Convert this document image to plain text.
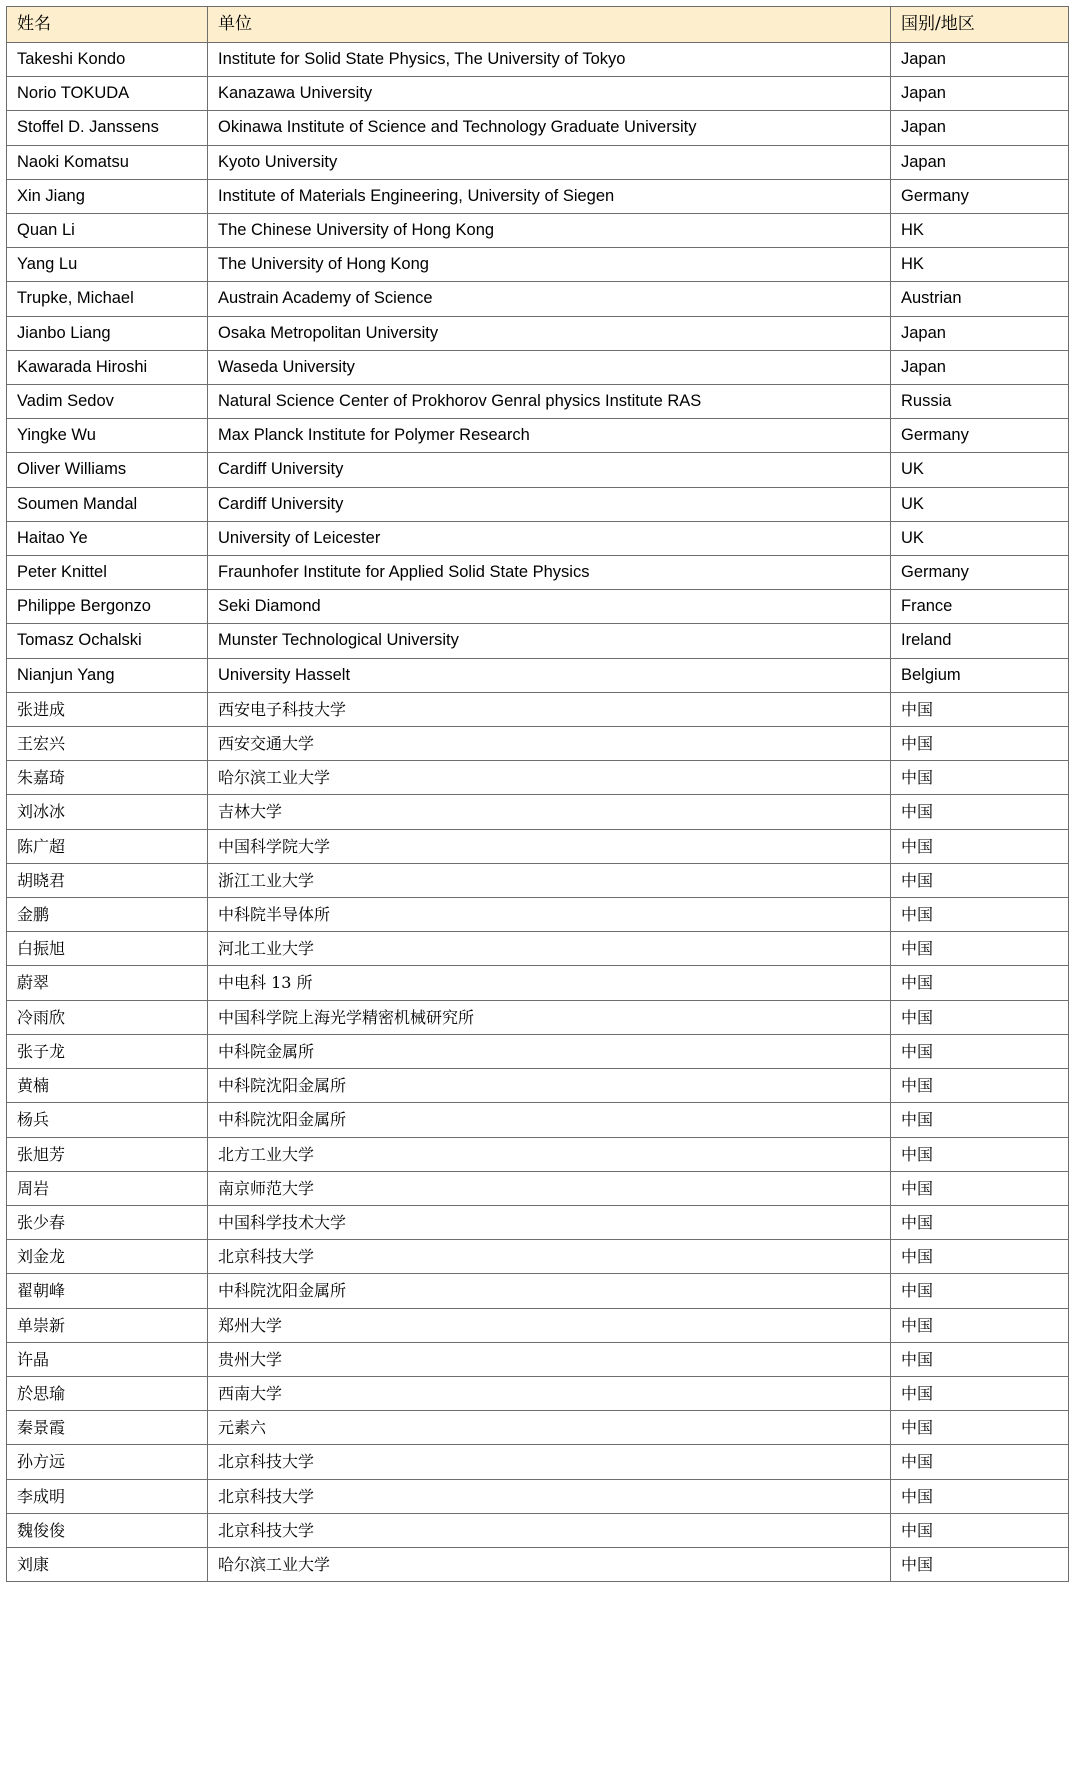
姓名	单位	国别/地区
Takeshi Kondo	Institute for Solid State Physics, The University of Tokyo	Japan
Norio TOKUDA	Kanazawa University	Japan
Stoffel D. Janssens	Okinawa Institute of Science and Technology Graduate University	Japan
Naoki Komatsu	Kyoto University	Japan
Xin Jiang	Institute of Materials Engineering, University of Siegen	Germany
Quan Li	The Chinese University of Hong Kong	HK
Yang Lu	The University of Hong Kong	HK
Trupke, Michael	Austrain Academy of Science	Austrian
Jianbo Liang	Osaka Metropolitan University	Japan
Kawarada Hiroshi	Waseda University	Japan
Vadim Sedov	Natural Science Center of Prokhorov Genral physics Institute RAS	Russia
Yingke Wu	Max Planck Institute for Polymer Research	Germany
Oliver Williams	Cardiff University	UK
Soumen Mandal	Cardiff University	UK
Haitao Ye	University of Leicester	UK
Peter Knittel	Fraunhofer Institute for Applied Solid State Physics	Germany
Philippe Bergonzo	Seki Diamond	France
Tomasz Ochalski	Munster Technological University	Ireland
Nianjun Yang	University Hasselt	Belgium
张进成	西安电子科技大学	中国
王宏兴	西安交通大学	中国
朱嘉琦	哈尔滨工业大学	中国
刘冰冰	吉林大学	中国
陈广超	中国科学院大学	中国
胡晓君	浙江工业大学	中国
金鹏	中科院半导体所	中国
白振旭	河北工业大学	中国
蔚翠	中电科 13 所	中国
冷雨欣	中国科学院上海光学精密机械研究所	中国
张子龙	中科院金属所	中国
黄楠	中科院沈阳金属所	中国
杨兵	中科院沈阳金属所	中国
张旭芳	北方工业大学	中国
周岩	南京师范大学	中国
张少春	中国科学技术大学	中国
刘金龙	北京科技大学	中国
翟朝峰	中科院沈阳金属所	中国
单崇新	郑州大学	中国
许晶	贵州大学	中国
於思瑜	西南大学	中国
秦景霞	元素六	中国
孙方远	北京科技大学	中国
李成明	北京科技大学	中国
魏俊俊	北京科技大学	中国
刘康	哈尔滨工业大学	中国
